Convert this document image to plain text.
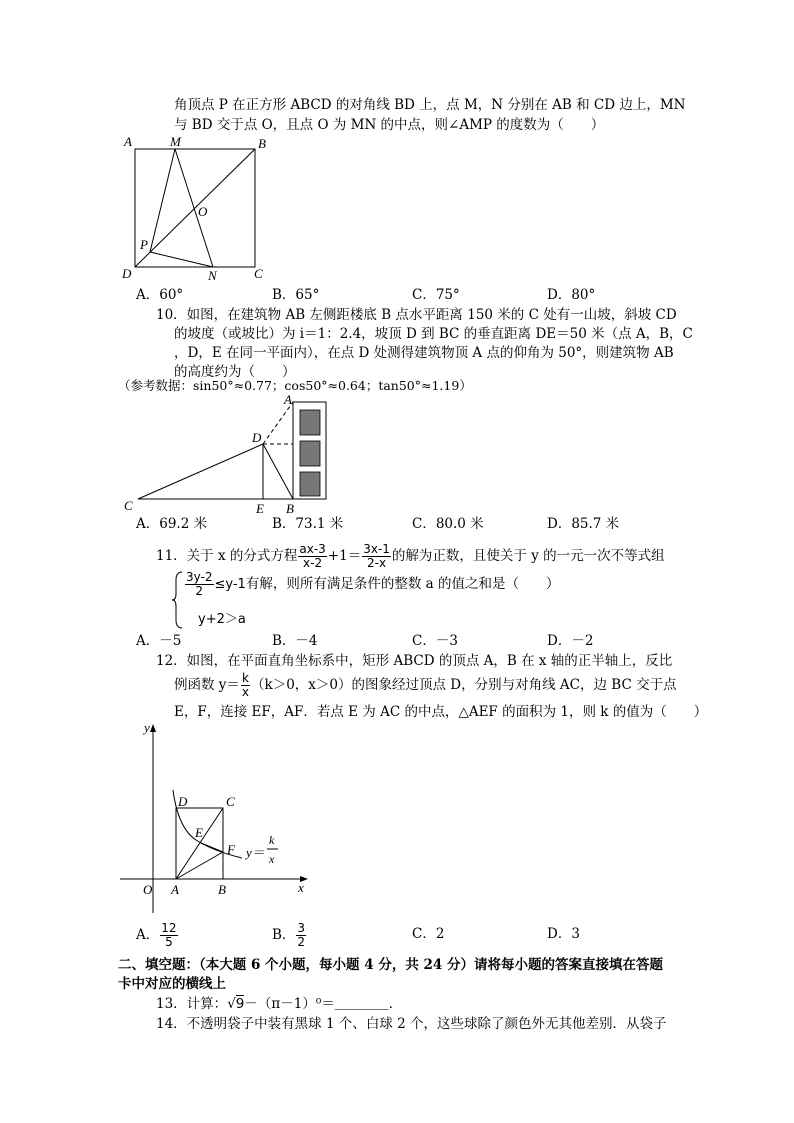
角顶点 P 在正方形 ABCD 的对角线 BD 上，点 M，N 分别在 AB 和 CD 边上，MN
与 BD 交于点 O，且点 O 为 MN 的中点，则∠AMP 的度数为（　　）
A	M	B
O
P
D	N	C
A．60°	B．65°	C．75°	D．80°
10．如图，在建筑物 AB 左侧距楼底 B 点水平距离 150 米的 C 处有一山坡，斜坡 CD
的坡度（或坡比）为 i＝1：2.4，坡顶 D 到 BC 的垂直距离 DE＝50 米（点 A，B，C
，D，E 在同一平面内），在点 D 处测得建筑物顶 A 点的仰角为 50°，则建筑物 AB
的高度约为（　　）
（参考数据：sin50°≈0.77；cos50°≈0.64；tan50°≈1.19）
A
D
C	E B
A．69.2 米	B．73.1 米	C．80.0 米	D．85.7 米
11．关于 x 的分式方程 $\frac{ax-3}{x-2} +1= \frac{3x-1}{2-x}$ 的解为正数，且使关于 y 的一元一次不等式组
$\frac{3y-2}{2} \le y-1$有解，则所有满足条件的整数 a 的值之和是（　　）
y+2＞a
A．－5	B．－4	C．－3	D．－2
12．如图，在平面直角坐标系中，矩形 ABCD 的顶点 A，B 在 x 轴的正半轴上，反比
例函数 $y= \frac{k}{x} (k>0$，x＞0）的图象经过顶点 D，分别与对角线 AC，边 BC 交于点
E，F，连接 EF，AF．若点 E 为 AC 的中点，△AEF 的面积为 1，则 k 的值为（　　）
y
x
O A	B
D	C
E
F y＝
k
x
A． $\frac{12}{5}$	B． $\frac{3}{2}$	C．2	D．3
二、填空题：（本大题 6 个小题，每小题 4 分，共 24 分）请将每小题的答案直接填在答题
卡中对应的横线上
13．计算：√9－（π－1）⁰＝＿＿＿＿．
14．不透明袋子中装有黑球 1 个、白球 2 个，这些球除了颜色外无其他差别．从袋子
